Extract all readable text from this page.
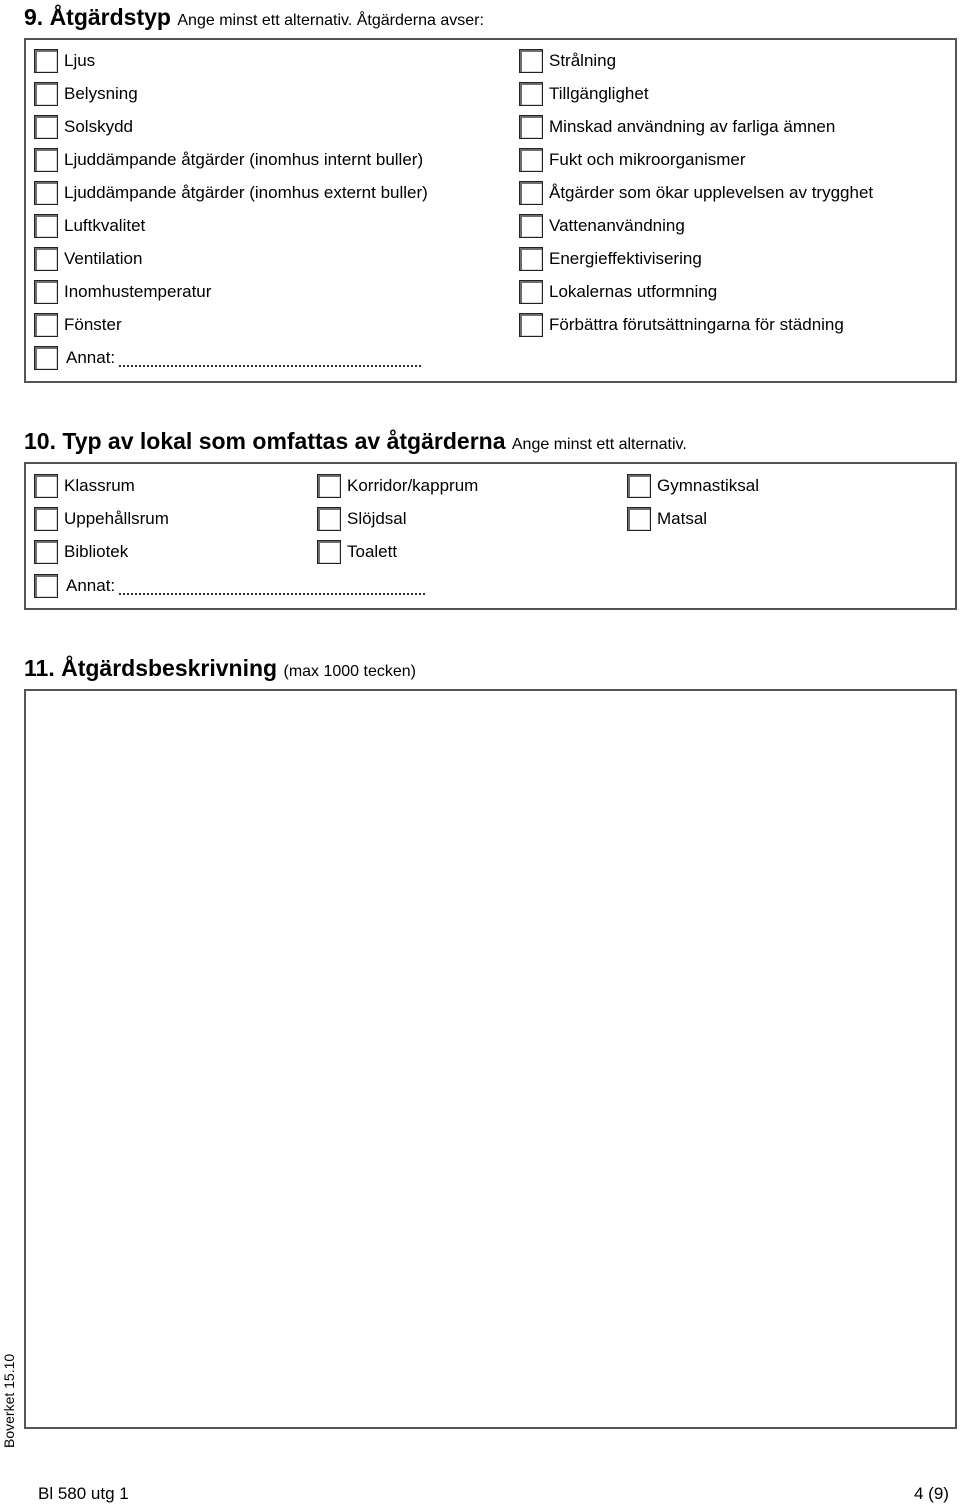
9. Åtgärdstyp Ange minst ett alternativ. Åtgärderna avser:
Ljus
Belysning
Solskydd
Ljuddämpande åtgärder (inomhus internt buller)
Ljuddämpande åtgärder (inomhus externt buller)
Luftkvalitet
Ventilation
Inomhustemperatur
Fönster
Annat:
Strålning
Tillgänglighet
Minskad användning av farliga ämnen
Fukt och mikroorganismer
Åtgärder som ökar upplevelsen av trygghet
Vattenanvändning
Energieffektivisering
Lokalernas utformning
Förbättra förutsättningarna för städning
10. Typ av lokal som omfattas av åtgärderna Ange minst ett alternativ.
Klassrum
Uppehållsrum
Bibliotek
Korridor/kapprum
Slöjdsal
Toalett
Gymnastiksal
Matsal
Annat:
11. Åtgärdsbeskrivning (max 1000 tecken)
Boverket 15.10
Bl 580 utg 1	4 (9)
